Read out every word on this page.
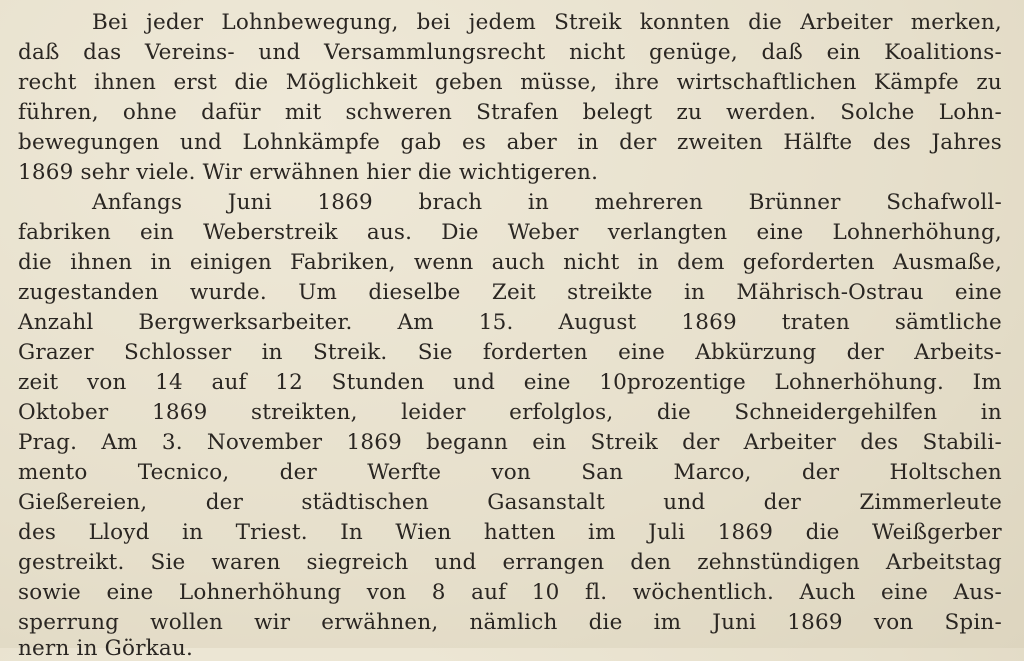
Bei jeder Lohnbewegung, bei jedem Streik konnten die Arbeiter merken,
daß das Vereins- und Versammlungsrecht nicht genüge, daß ein Koalitions-
recht ihnen erst die Möglichkeit geben müsse, ihre wirtschaftlichen Kämpfe zu
führen, ohne dafür mit schweren Strafen belegt zu werden. Solche Lohn-
bewegungen und Lohnkämpfe gab es aber in der zweiten Hälfte des Jahres
1869 sehr viele. Wir erwähnen hier die wichtigeren.
Anfangs Juni 1869 brach in mehreren Brünner Schafwoll-
fabriken ein Weberstreik aus. Die Weber verlangten eine Lohnerhöhung,
die ihnen in einigen Fabriken, wenn auch nicht in dem geforderten Ausmaße,
zugestanden wurde. Um dieselbe Zeit streikte in Mährisch-Ostrau eine
Anzahl Bergwerksarbeiter. Am 15. August 1869 traten sämtliche
Grazer Schlosser in Streik. Sie forderten eine Abkürzung der Arbeits-
zeit von 14 auf 12 Stunden und eine 10prozentige Lohnerhöhung. Im
Oktober 1869 streikten, leider erfolglos, die Schneidergehilfen in
Prag. Am 3. November 1869 begann ein Streik der Arbeiter des Stabili-
mento Tecnico, der Werfte von San Marco, der Holtschen
Gießereien,	der	städtischen	Gasanstalt	und	der	Zimmerleute
des Lloyd in Triest. In Wien hatten im Juli 1869 die Weißgerber
gestreikt. Sie waren siegreich und errangen den zehnstündigen Arbeitstag
sowie eine Lohnerhöhung von 8 auf 10 fl. wöchentlich. Auch eine Aus-
sperrung wollen wir erwähnen, nämlich die im Juni 1869 von Spin-
nern in Görkau.
